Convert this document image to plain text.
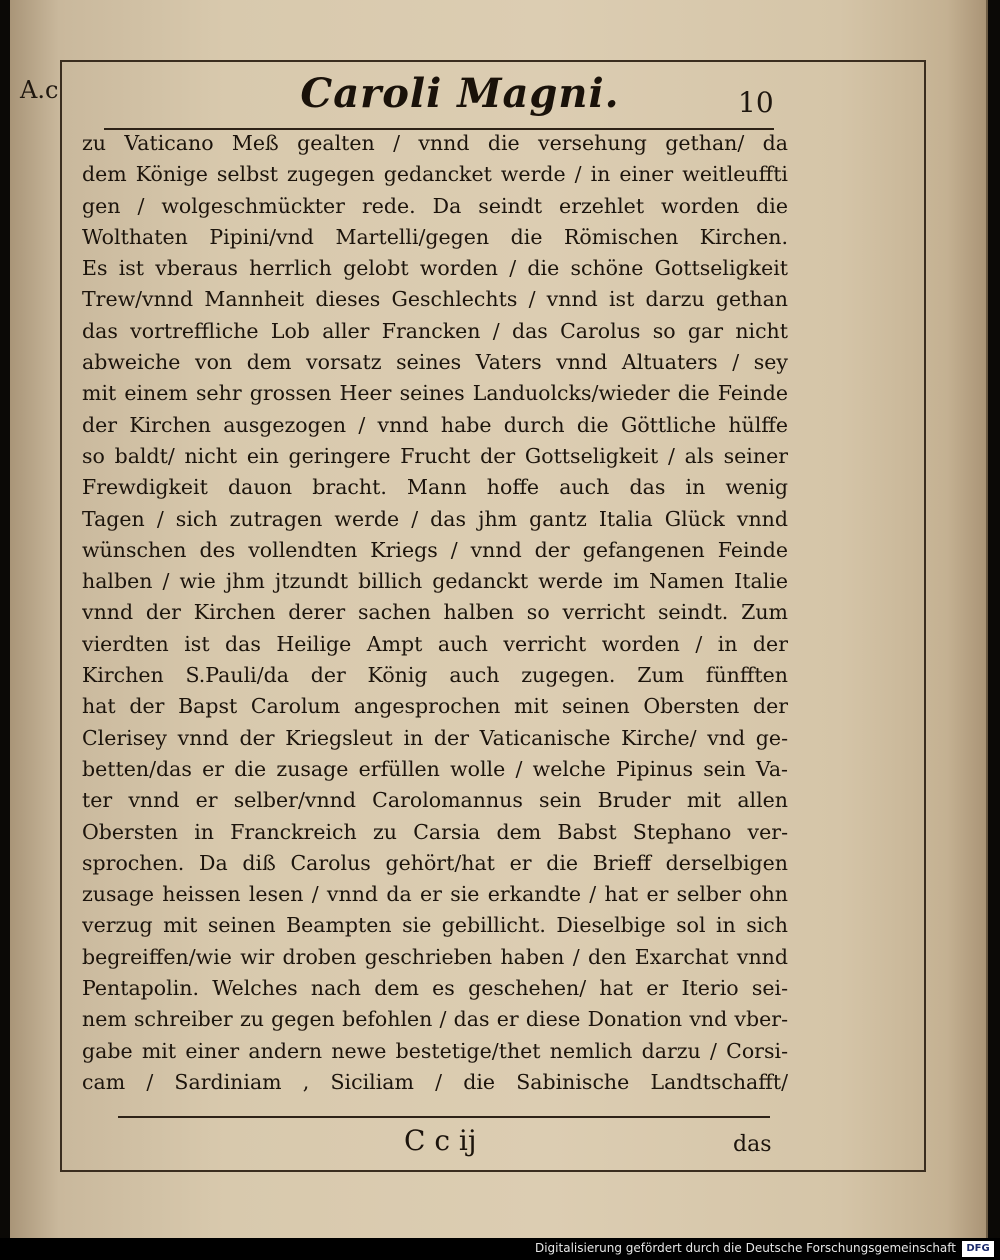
A.c	Caroli Magni.	10
zu Vaticano Meß gealten / vnnd die versehung gethan/ da
dem Könige selbst zugegen gedancket werde / in einer weitleuffti
gen / wolgeschmückter rede. Da seindt erzehlet worden die
Wolthaten Pipini/vnd Martelli/gegen die Römischen Kirchen.
Es ist vberaus herrlich gelobt worden / die schöne Gottseligkeit
Trew/vnnd Mannheit dieses Geschlechts / vnnd ist darzu gethan
das vortreffliche Lob aller Francken / das Carolus so gar nicht
abweiche von dem vorsatz seines Vaters vnnd Altuaters / sey
mit einem sehr grossen Heer seines Landuolcks/wieder die Feinde
der Kirchen ausgezogen / vnnd habe durch die Göttliche hülffe
so baldt/ nicht ein geringere Frucht der Gottseligkeit / als seiner
Frewdigkeit dauon bracht. Mann hoffe auch das in wenig
Tagen / sich zutragen werde / das jhm gantz Italia Glück vnnd
wünschen des vollendten Kriegs / vnnd der gefangenen Feinde
halben / wie jhm jtzundt billich gedanckt werde im Namen Italie
vnnd der Kirchen derer sachen halben so verricht seindt. Zum
vierdten ist das Heilige Ampt auch verricht worden / in der
Kirchen S.Pauli/da der König auch zugegen. Zum fünfften
hat der Bapst Carolum angesprochen mit seinen Obersten der
Clerisey vnnd der Kriegsleut in der Vaticanische Kirche/ vnd ge-
betten/das er die zusage erfüllen wolle / welche Pipinus sein Va-
ter vnnd er selber/vnnd Carolomannus sein Bruder mit allen
Obersten in Franckreich zu Carsia dem Babst Stephano ver-
sprochen. Da diß Carolus gehört/hat er die Brieff derselbigen
zusage heissen lesen / vnnd da er sie erkandte / hat er selber ohn
verzug mit seinen Beampten sie gebillicht. Dieselbige sol in sich
begreiffen/wie wir droben geschrieben haben / den Exarchat vnnd
Pentapolin. Welches nach dem es geschehen/ hat er Iterio sei-
nem schreiber zu gegen befohlen / das er diese Donation vnd vber-
gabe mit einer andern newe bestetige/thet nemlich darzu / Corsi-
cam / Sardiniam , Siciliam / die Sabinische Landtschafft/
C c ij	das
Digitalisierung gefördert durch die Deutsche Forschungsgemeinschaft	DFG
